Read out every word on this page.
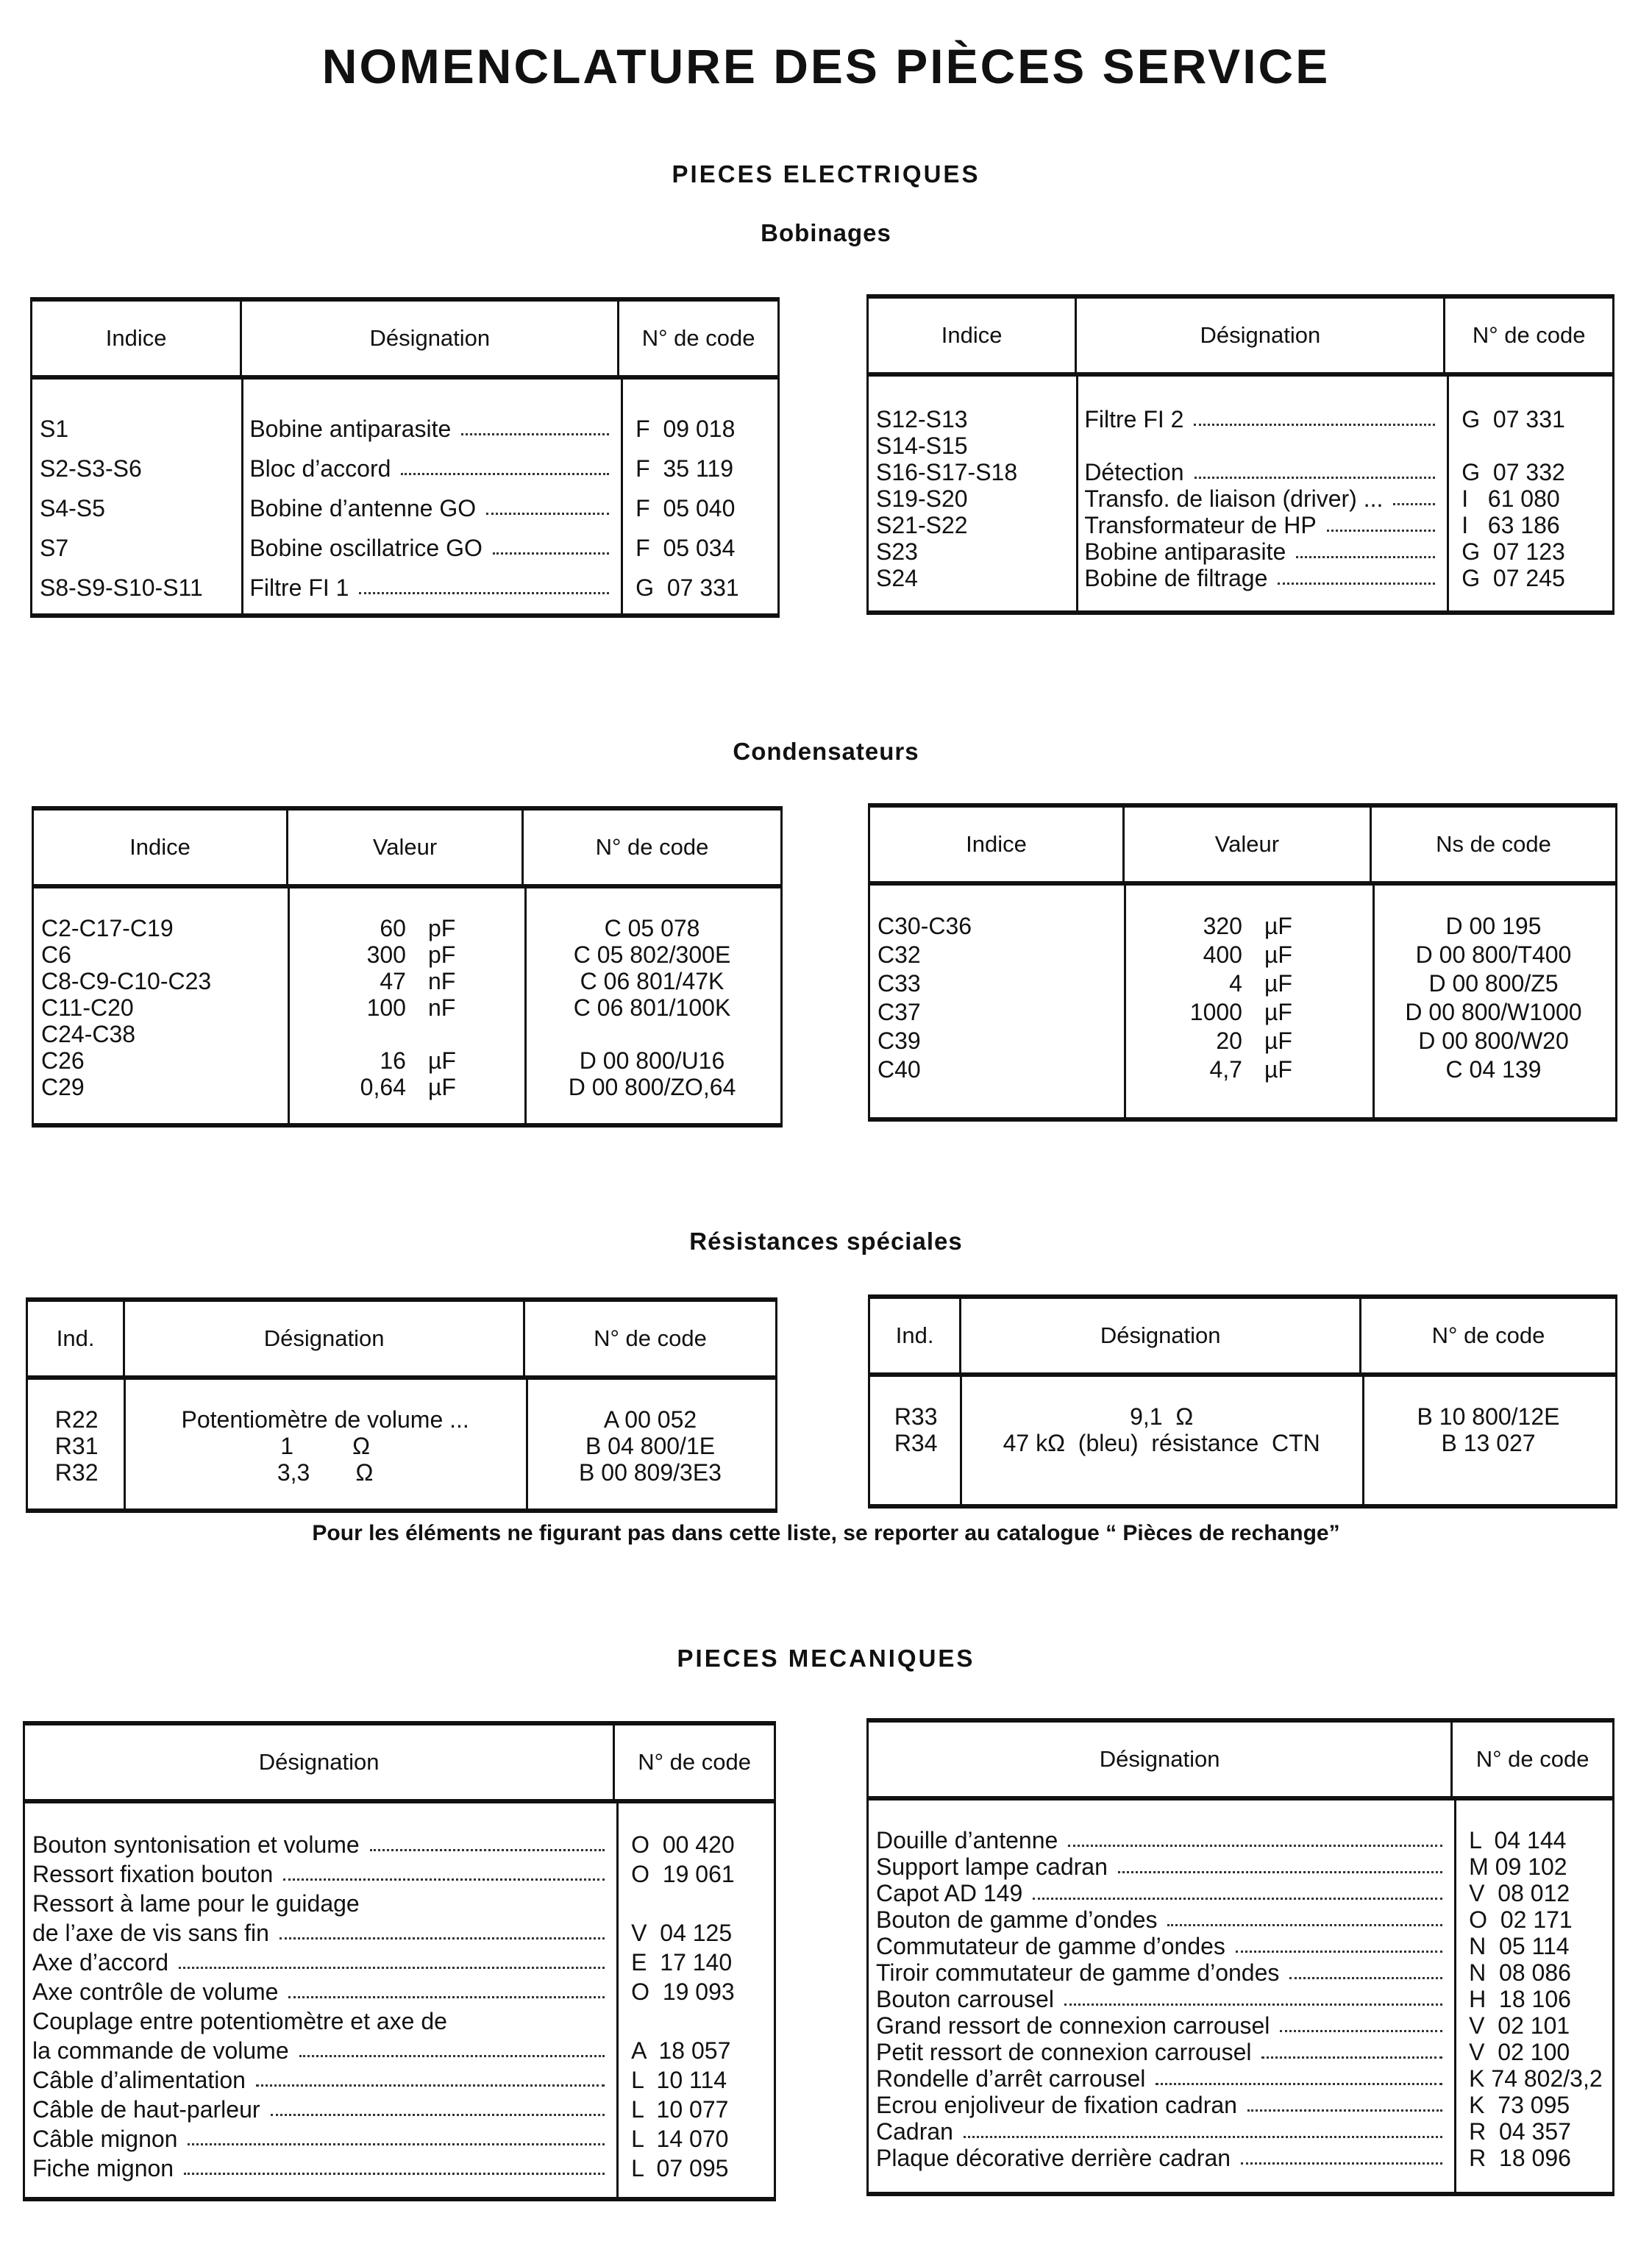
NOMENCLATURE DES PIÈCES SERVICE
PIECES ELECTRIQUES
Bobinages
Condensateurs
Résistances spéciales
Pour les éléments ne figurant pas dans cette liste, se reporter au catalogue “ Pièces de rechange”
PIECES MECANIQUES
Indice	Désignation	N° de code
S1	Bobine antiparasite	F  09 018
S2-S3-S6	Bloc d’accord	F  35 119
S4-S5	Bobine d’antenne GO	F  05 040
S7	Bobine oscillatrice GO	F  05 034
S8-S9-S10-S11	Filtre FI 1	G  07 331
Indice	Désignation	N° de code
S12-S13	Filtre FI 2	G  07 331
S14-S15
S16-S17-S18	Détection	G  07 332
S19-S20	Transfo. de liaison (driver) ...	I   61 080
S21-S22	Transformateur de HP	I   63 186
S23	Bobine antiparasite	G  07 123
S24	Bobine de filtrage	G  07 245
Indice	Valeur	N° de code
C2-C17-C19	60 pF	C 05 078
C6	300 pF	C 05 802/300E
C8-C9-C10-C23	47 nF	C 06 801/47K
C11-C20	100 nF	C 06 801/100K
C24-C38
C26	16 µF	D 00 800/U16
C29	0,64 µF	D 00 800/ZO,64
Indice	Valeur	Ns de code
C30-C36	320 µF	D 00 195
C32	400 µF	D 00 800/T400
C33	4 µF	D 00 800/Z5
C37	1000 µF	D 00 800/W1000
C39	20 µF	D 00 800/W20
C40	4,7 µF	C 04 139
Ind.	Désignation	N° de code
R22	Potentiomètre de volume ...	A 00 052
R31	1         Ω	B 04 800/1E
R32	3,3       Ω	B 00 809/3E3
Ind.	Désignation	N° de code
R33	9,1  Ω	B 10 800/12E
R34	47 kΩ  (bleu)  résistance  CTN	B 13 027
Désignation	N° de code
Bouton syntonisation et volume	O  00 420
Ressort fixation bouton	O  19 061
Ressort à lame pour le guidage
de l’axe de vis sans fin	V  04 125
Axe d’accord	E  17 140
Axe contrôle de volume	O  19 093
Couplage entre potentiomètre et axe de
la commande de volume	A  18 057
Câble d’alimentation	L  10 114
Câble de haut-parleur	L  10 077
Câble mignon	L  14 070
Fiche mignon	L  07 095
Désignation	N° de code
Douille d’antenne	L  04 144
Support lampe cadran	M 09 102
Capot AD 149	V  08 012
Bouton de gamme d’ondes	O  02 171
Commutateur de gamme d’ondes	N  05 114
Tiroir commutateur de gamme d’ondes	N  08 086
Bouton carrousel	H  18 106
Grand ressort de connexion carrousel	V  02 101
Petit ressort de connexion carrousel	V  02 100
Rondelle d’arrêt carrousel	K 74 802/3,2
Ecrou enjoliveur de fixation cadran	K  73 095
Cadran	R  04 357
Plaque décorative derrière cadran	R  18 096
